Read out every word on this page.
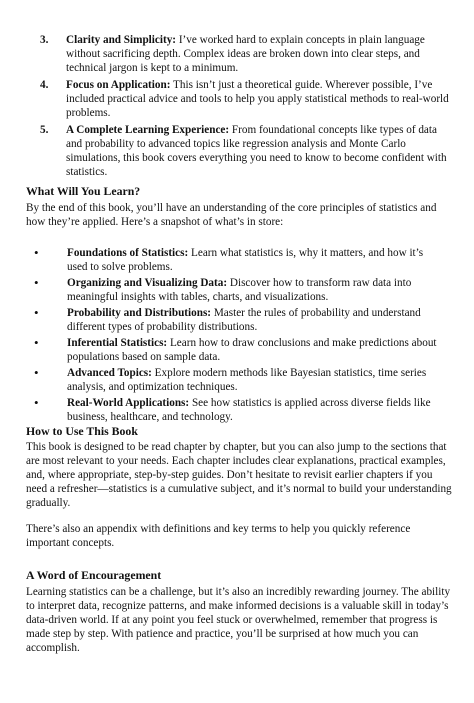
3. Clarity and Simplicity: I’ve worked hard to explain concepts in plain language without sacrificing depth. Complex ideas are broken down into clear steps, and technical jargon is kept to a minimum.
4. Focus on Application: This isn’t just a theoretical guide. Wherever possible, I’ve included practical advice and tools to help you apply statistical methods to real-world problems.
5. A Complete Learning Experience: From foundational concepts like types of data and probability to advanced topics like regression analysis and Monte Carlo simulations, this book covers everything you need to know to become confident with statistics.
What Will You Learn?

By the end of this book, you’ll have an understanding of the core principles of statistics and how they’re applied. Here’s a snapshot of what’s in store:

•	Foundations of Statistics: Learn what statistics is, why it matters, and how it’s used to solve problems.
•	Organizing and Visualizing Data: Discover how to transform raw data into meaningful insights with tables, charts, and visualizations.
•	Probability and Distributions: Master the rules of probability and understand different types of probability distributions.
•	Inferential Statistics: Learn how to draw conclusions and make predictions about populations based on sample data.
•	Advanced Topics: Explore modern methods like Bayesian statistics, time series analysis, and optimization techniques.
•	Real-World Applications: See how statistics is applied across diverse fields like business, healthcare, and technology.
How to Use This Book

This book is designed to be read chapter by chapter, but you can also jump to the sections that are most relevant to your needs. Each chapter includes clear explanations, practical examples, and, where appropriate, step-by-step guides. Don’t hesitate to revisit earlier chapters if you need a refresher—statistics is a cumulative subject, and it’s normal to build your understanding gradually.

There’s also an appendix with definitions and key terms to help you quickly reference important concepts.

A Word of Encouragement

Learning statistics can be a challenge, but it’s also an incredibly rewarding journey. The ability to interpret data, recognize patterns, and make informed decisions is a valuable skill in today’s data-driven world. If at any point you feel stuck or overwhelmed, remember that progress is made step by step. With patience and practice, you’ll be surprised at how much you can accomplish.
